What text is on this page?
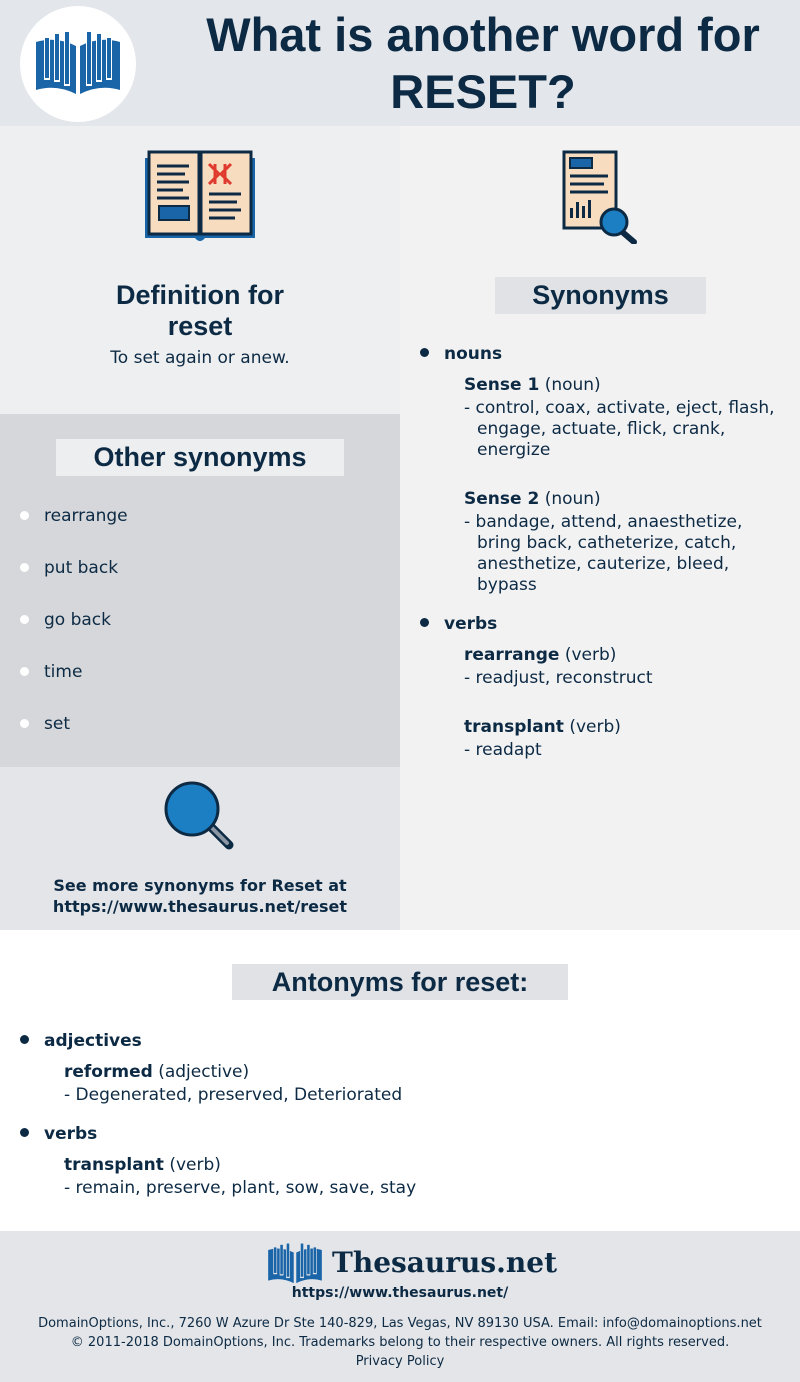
What is another word for
RESET?
Definition for
reset
To set again or anew.
Synonyms
nouns
Sense 1 (noun)
- control, coax, activate, eject, flash, engage, actuate, flick, crank, energize
Sense 2 (noun)
- bandage, attend, anaesthetize, bring back, catheterize, catch, anesthetize, cauterize, bleed, bypass
verbs
rearrange (verb)
- readjust, reconstruct
transplant (verb)
- readapt
Other synonyms
rearrange
put back
go back
time
set
See more synonyms for Reset at
https://www.thesaurus.net/reset
Antonyms for reset:
adjectives
reformed (adjective)
- Degenerated, preserved, Deteriorated
verbs
transplant (verb)
- remain, preserve, plant, sow, save, stay
Thesaurus.net
https://www.thesaurus.net/
DomainOptions, Inc., 7260 W Azure Dr Ste 140-829, Las Vegas, NV 89130 USA. Email: info@domainoptions.net
© 2011-2018 DomainOptions, Inc. Trademarks belong to their respective owners. All rights reserved.
Privacy Policy
